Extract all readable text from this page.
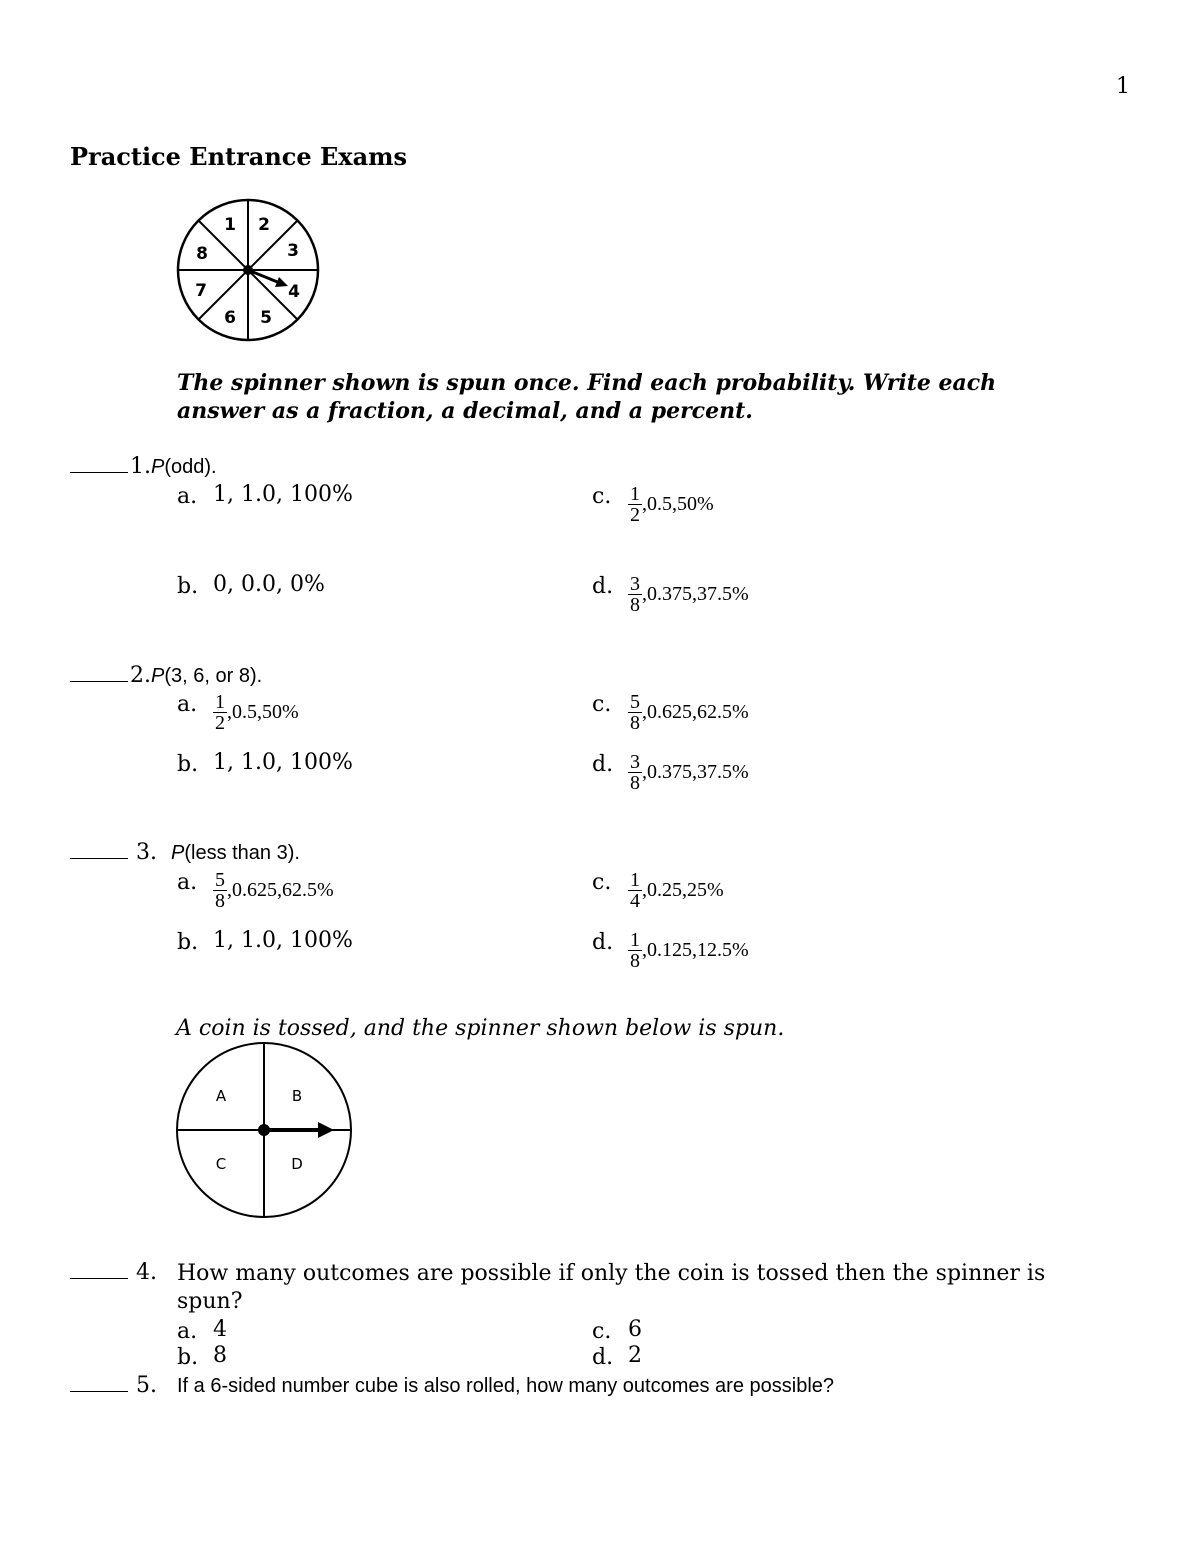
1
Practice Entrance Exams
1 2
3
4
5
6
7
8
The spinner shown is spun once. Find each probability. Write each answer as a fraction, a decimal, and a percent.
1.P(odd).
a. 1, 1.0, 100%	c. $\frac{1}{2} ,0.5,50\%$
b. 0, 0.0, 0%	d. $\frac{3}{8} ,0.375,37.5\%$
2.P(3, 6, or 8).
a. $\frac{1}{2} ,0.5,50\%$	c. $\frac{5}{8} ,0.625,62.5\%$
b. 1, 1.0, 100%	d. $\frac{3}{8} ,0.375,37.5\%$
3. P(less than 3).
a. $\frac{5}{8} ,0.625,62.5\%$	c. $\frac{1}{4} ,0.25,25\%$
b. 1, 1.0, 100%	d. $\frac{1}{8} ,0.125,12.5\%$
A coin is tossed, and the spinner shown below is spun.
A	B
C	D
4. How many outcomes are possible if only the coin is tossed then the spinner is spun?
a. 4	c. 6
b. 8	d. 2
5. If a 6-sided number cube is also rolled, how many outcomes are possible?
